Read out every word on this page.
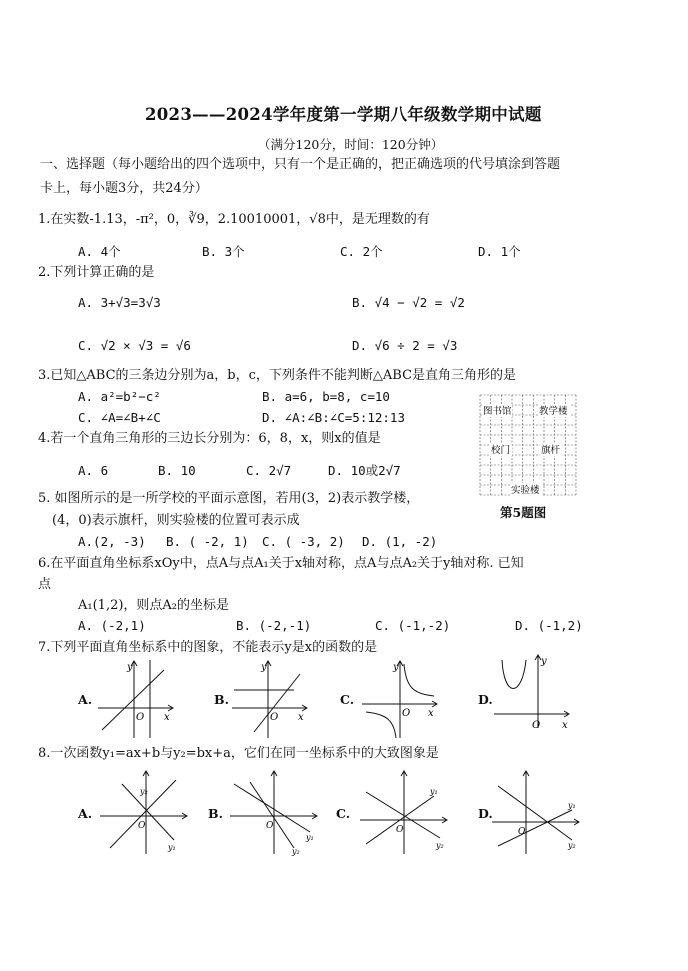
2023——2024学年度第一学期八年级数学期中试题
（满分120分，时间：120分钟）
一、选择题（每小题给出的四个选项中，只有一个是正确的，把正确选项的代号填涂到答题
卡上，每小题3分，共24分）
1.在实数-1.13，-π²，0，∛9，2.10010001，√8中，是无理数的有
A. 4个	B. 3个	C. 2个	D. 1个
2.下列计算正确的是
A. 3+√3=3√3	B. √4 − √2 = √2
C. √2 × √3 = √6	D. √6 ÷ 2 = √3
3.已知△ABC的三条边分别为a，b，c，下列条件不能判断△ABC是直角三角形的是
A. a²=b²−c²	B. a=6, b=8, c=10
C. ∠A=∠B+∠C	D. ∠A:∠B:∠C=5:12:13
4.若一个直角三角形的三边长分别为：6，8，x，则x的值是
A. 6	B. 10	C. 2√7	D. 10或2√7
5. 如图所示的是一所学校的平面示意图，若用(3，2)表示教学楼，
(4，0)表示旗杆，则实验楼的位置可表示成
A.(2, -3) B. ( -2, 1) C. ( -3, 2) D. (1, -2)
图书馆	教学楼
校门	旗杆
实验楼
第5题图
6.在平面直角坐标系xOy中，点A与点A₁关于x轴对称，点A与点A₂关于y轴对称. 已知
点
A₁(1,2)，则点A₂的坐标是
A. (-2,1)	B. (-2,-1)	C. (-1,-2)	D. (-1,2)
7.下列平面直角坐标系中的图象，不能表示y是x的函数的是
A.
y
O x
B.
y
O x
C.
y
O x
D.
y
O x
8.一次函数y₁=ax+b与y₂=bx+a，它们在同一坐标系中的大致图象是
A.
y₂
y₁
O
B.
y₁
y₂
O
C.
y₁
y₂
O
D.
y₁
y₂
O
